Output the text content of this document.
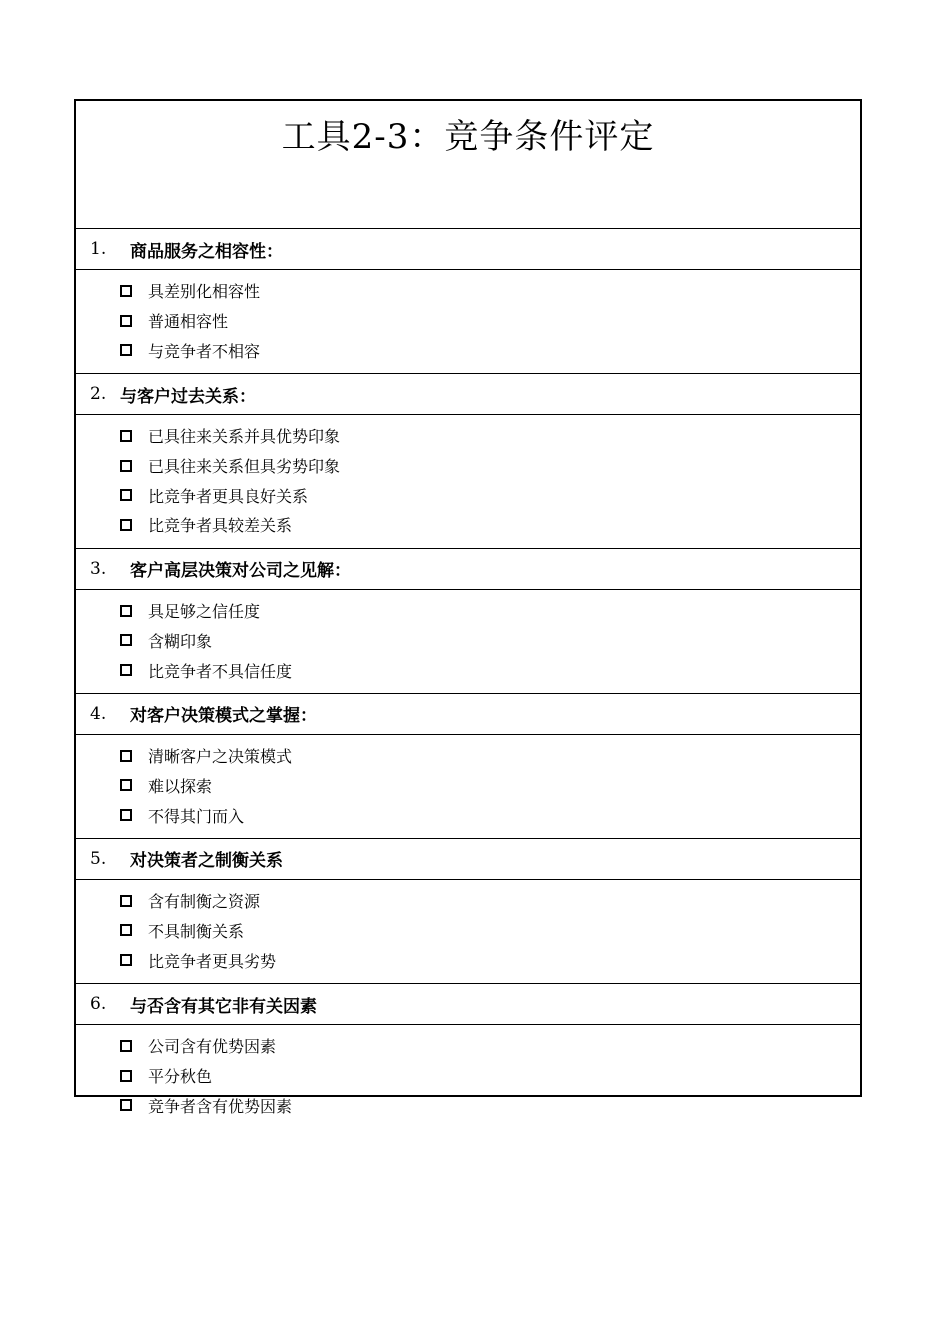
工具2-3：竞争条件评定
1.	商品服务之相容性：
具差别化相容性
普通相容性
与竞争者不相容
2. 与客户过去关系：
已具往来关系并具优势印象
已具往来关系但具劣势印象
比竞争者更具良好关系
比竞争者具较差关系
3.	客户高层决策对公司之见解：
具足够之信任度
含糊印象
比竞争者不具信任度
4.	对客户决策模式之掌握：
清晰客户之决策模式
难以探索
不得其门而入
5.	对决策者之制衡关系
含有制衡之资源
不具制衡关系
比竞争者更具劣势
6.	与否含有其它非有关因素
公司含有优势因素
平分秋色
竞争者含有优势因素
